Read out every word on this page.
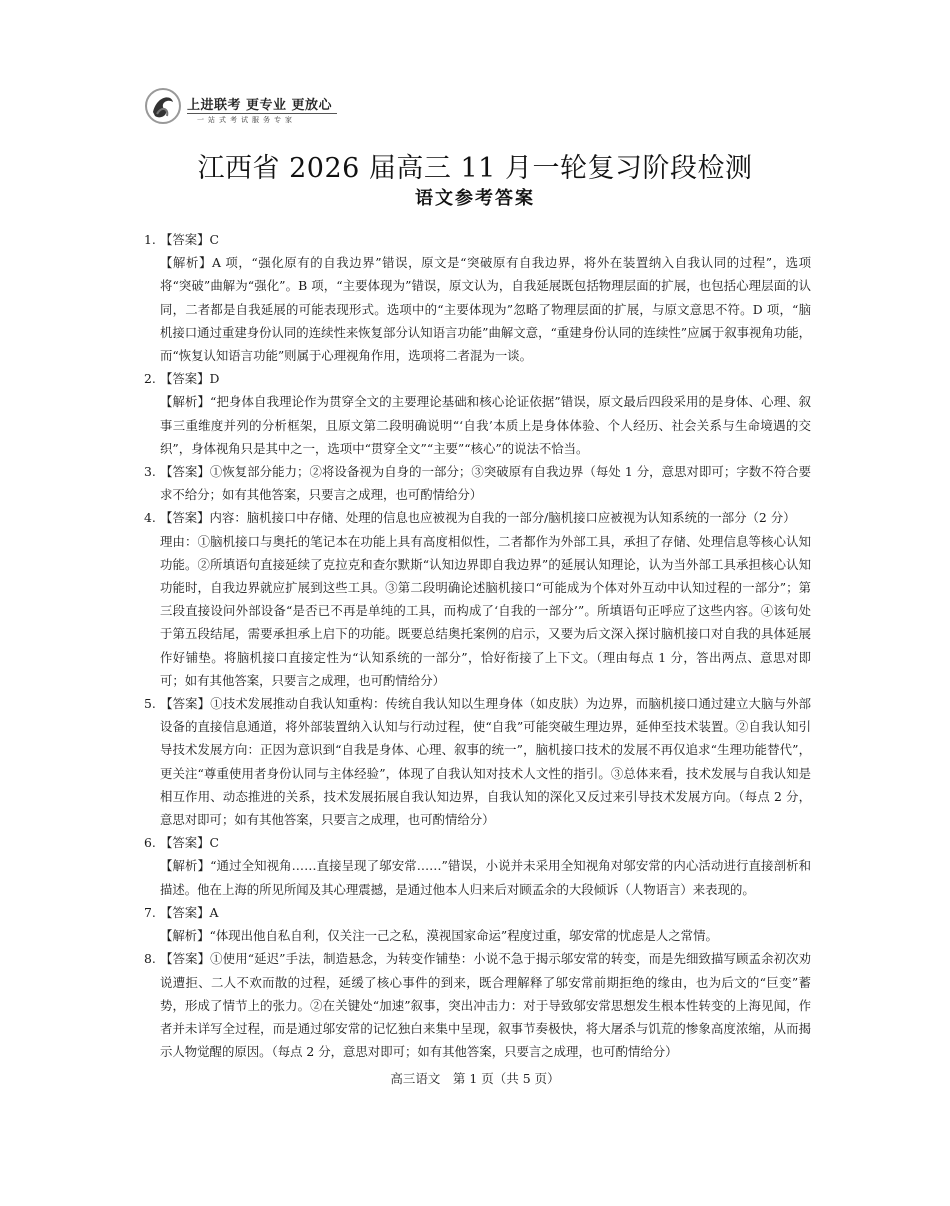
上进联考 更专业 更放心
一站式考试服务专家
江西省 2026 届高三 11 月一轮复习阶段检测
语文参考答案
1. 【答案】C
【解析】A 项，“强化原有的自我边界”错误，原文是“突破原有自我边界，将外在装置纳入自我认同的过程”，选项将“突破”曲解为“强化”。B 项，“主要体现为”错误，原文认为，自我延展既包括物理层面的扩展，也包括心理层面的认同，二者都是自我延展的可能表现形式。选项中的“主要体现为”忽略了物理层面的扩展，与原文意思不符。D 项，“脑机接口通过重建身份认同的连续性来恢复部分认知语言功能”曲解文意，“重建身份认同的连续性”应属于叙事视角功能，而“恢复认知语言功能”则属于心理视角作用，选项将二者混为一谈。
2. 【答案】D
【解析】“把身体自我理论作为贯穿全文的主要理论基础和核心论证依据”错误，原文最后四段采用的是身体、心理、叙事三重维度并列的分析框架，且原文第二段明确说明“‘自我’本质上是身体体验、个人经历、社会关系与生命境遇的交织”，身体视角只是其中之一，选项中“贯穿全文”“主要”“核心”的说法不恰当。
3. 【答案】①恢复部分能力；②将设备视为自身的一部分；③突破原有自我边界（每处 1 分，意思对即可；字数不符合要求不给分；如有其他答案，只要言之成理，也可酌情给分）
4. 【答案】内容：脑机接口中存储、处理的信息也应被视为自我的一部分/脑机接口应被视为认知系统的一部分（2 分）
理由：①脑机接口与奥托的笔记本在功能上具有高度相似性，二者都作为外部工具，承担了存储、处理信息等核心认知功能。②所填语句直接延续了克拉克和查尔默斯“认知边界即自我边界”的延展认知理论，认为当外部工具承担核心认知功能时，自我边界就应扩展到这些工具。③第二段明确论述脑机接口“可能成为个体对外互动中认知过程的一部分”；第三段直接设问外部设备“是否已不再是单纯的工具，而构成了‘自我的一部分’”。所填语句正呼应了这些内容。④该句处于第五段结尾，需要承担承上启下的功能。既要总结奥托案例的启示，又要为后文深入探讨脑机接口对自我的具体延展作好铺垫。将脑机接口直接定性为“认知系统的一部分”，恰好衔接了上下文。（理由每点 1 分，答出两点、意思对即可；如有其他答案，只要言之成理，也可酌情给分）
5. 【答案】①技术发展推动自我认知重构：传统自我认知以生理身体（如皮肤）为边界，而脑机接口通过建立大脑与外部设备的直接信息通道，将外部装置纳入认知与行动过程，使“自我”可能突破生理边界，延伸至技术装置。②自我认知引导技术发展方向：正因为意识到“自我是身体、心理、叙事的统一”，脑机接口技术的发展不再仅追求“生理功能替代”，更关注“尊重使用者身份认同与主体经验”，体现了自我认知对技术人文性的指引。③总体来看，技术发展与自我认知是相互作用、动态推进的关系，技术发展拓展自我认知边界，自我认知的深化又反过来引导技术发展方向。（每点 2 分，意思对即可；如有其他答案，只要言之成理，也可酌情给分）
6. 【答案】C
【解析】“通过全知视角……直接呈现了邬安常……”错误，小说并未采用全知视角对邬安常的内心活动进行直接剖析和描述。他在上海的所见所闻及其心理震撼，是通过他本人归来后对顾孟余的大段倾诉（人物语言）来表现的。
7. 【答案】A
【解析】“体现出他自私自利，仅关注一己之私，漠视国家命运”程度过重，邬安常的忧虑是人之常情。
8. 【答案】①使用“延迟”手法，制造悬念，为转变作铺垫：小说不急于揭示邬安常的转变，而是先细致描写顾孟余初次劝说遭拒、二人不欢而散的过程，延缓了核心事件的到来，既合理解释了邬安常前期拒绝的缘由，也为后文的“巨变”蓄势，形成了情节上的张力。②在关键处“加速”叙事，突出冲击力：对于导致邬安常思想发生根本性转变的上海见闻，作者并未详写全过程，而是通过邬安常的记忆独白来集中呈现，叙事节奏极快，将大屠杀与饥荒的惨象高度浓缩，从而揭示人物觉醒的原因。（每点 2 分，意思对即可；如有其他答案，只要言之成理，也可酌情给分）
高三语文　第 1 页（共 5 页）
